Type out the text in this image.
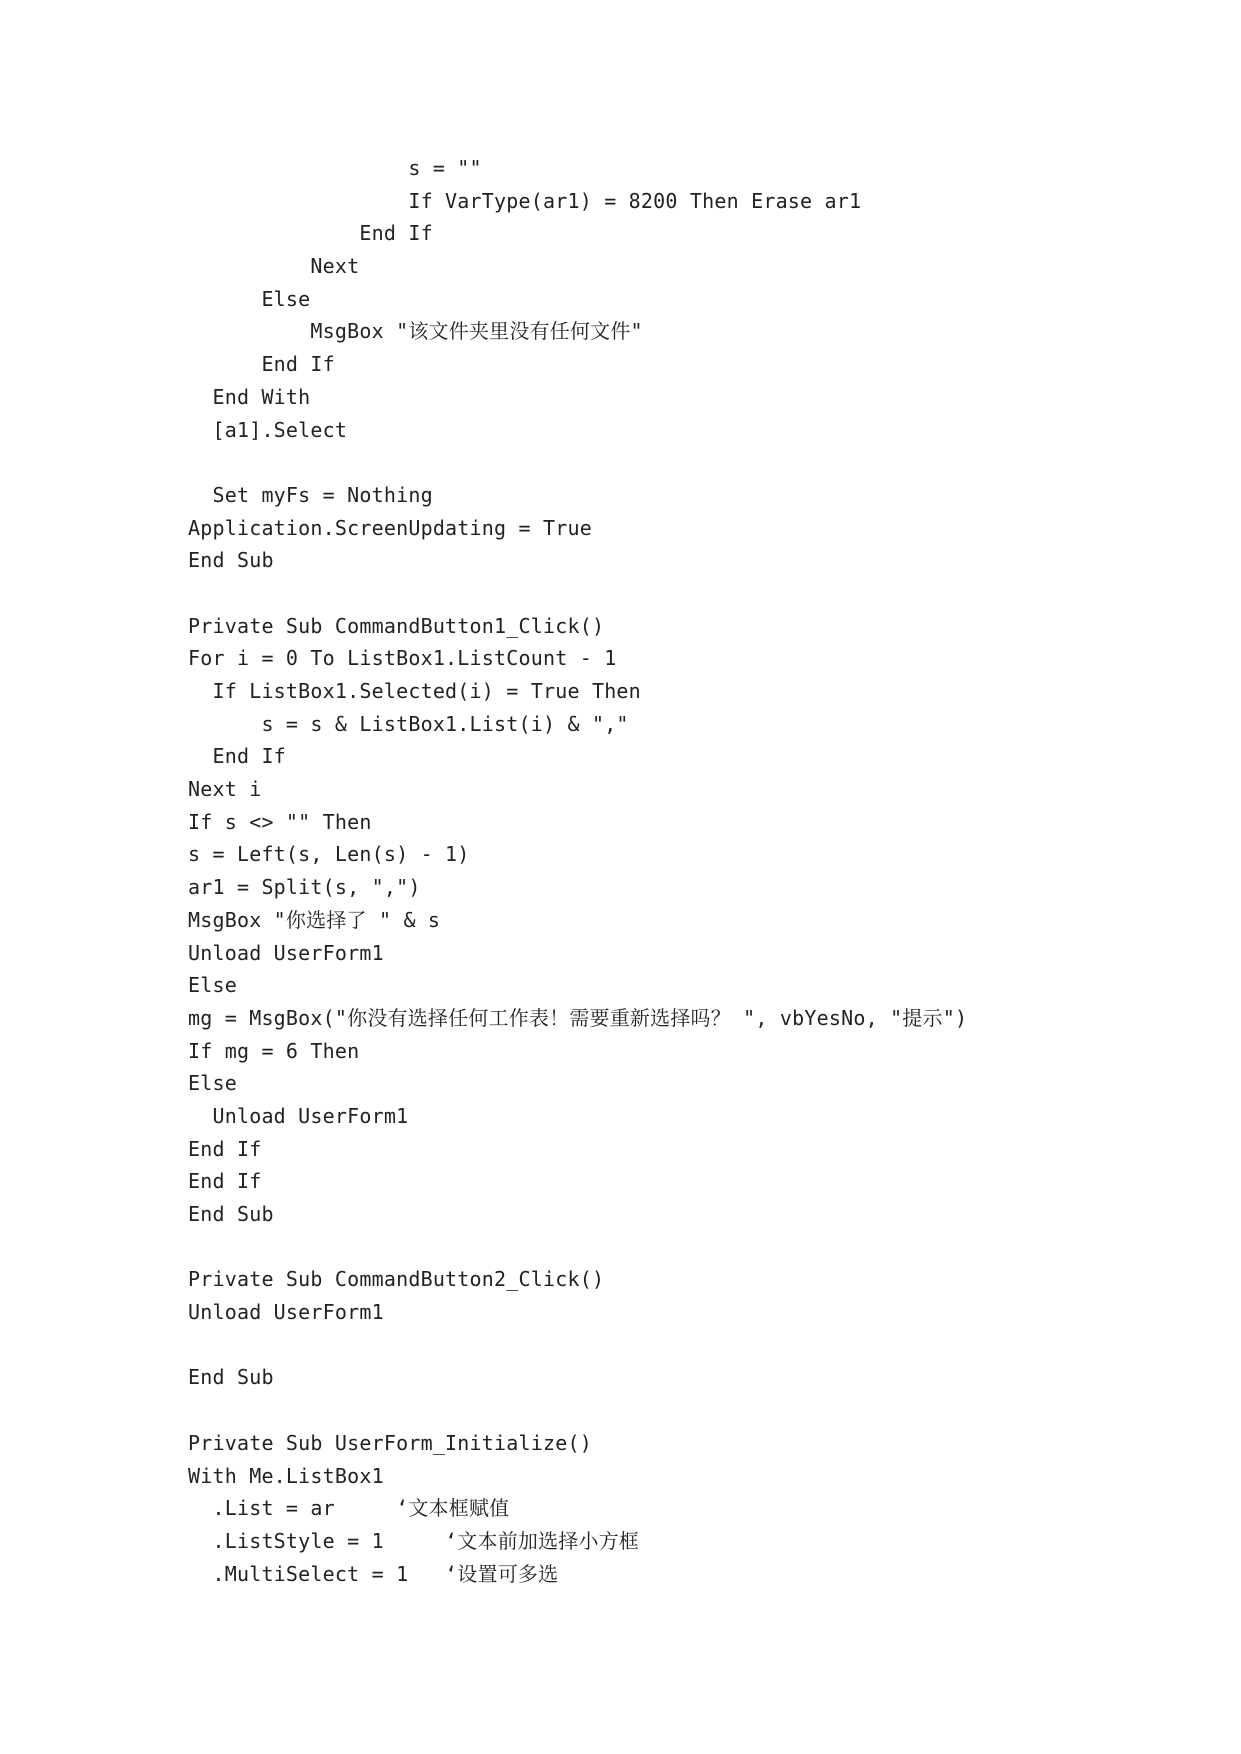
s = ""
If VarType(ar1) = 8200 Then Erase ar1
End If
Next
Else
MsgBox "该文件夹里没有任何文件"
End If
End With
[a1].Select
Set myFs = Nothing
Application.ScreenUpdating = True
End Sub
Private Sub CommandButton1_Click()
For i = 0 To ListBox1.ListCount - 1
If ListBox1.Selected(i) = True Then
s = s & ListBox1.List(i) & ","
End If
Next i
If s <> "" Then
s = Left(s, Len(s) - 1)
ar1 = Split(s, ",")
MsgBox "你选择了 " & s
Unload UserForm1
Else
mg = MsgBox("你没有选择任何工作表！需要重新选择吗？ ", vbYesNo, "提示")
If mg = 6 Then
Else
Unload UserForm1
End If
End If
End Sub
Private Sub CommandButton2_Click()
Unload UserForm1
End Sub
Private Sub UserForm_Initialize()
With Me.ListBox1
.List = ar     ‘文本框赋值
.ListStyle = 1     ‘文本前加选择小方框
.MultiSelect = 1   ‘设置可多选
